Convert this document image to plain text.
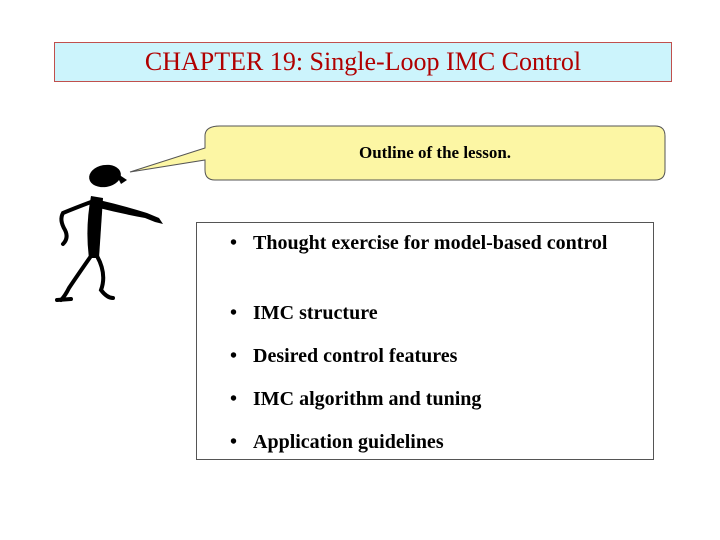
CHAPTER 19: Single-Loop IMC Control
Outline of the lesson.
• Thought exercise for model-based control
• IMC structure
• Desired control features
• IMC algorithm and tuning
• Application guidelines
